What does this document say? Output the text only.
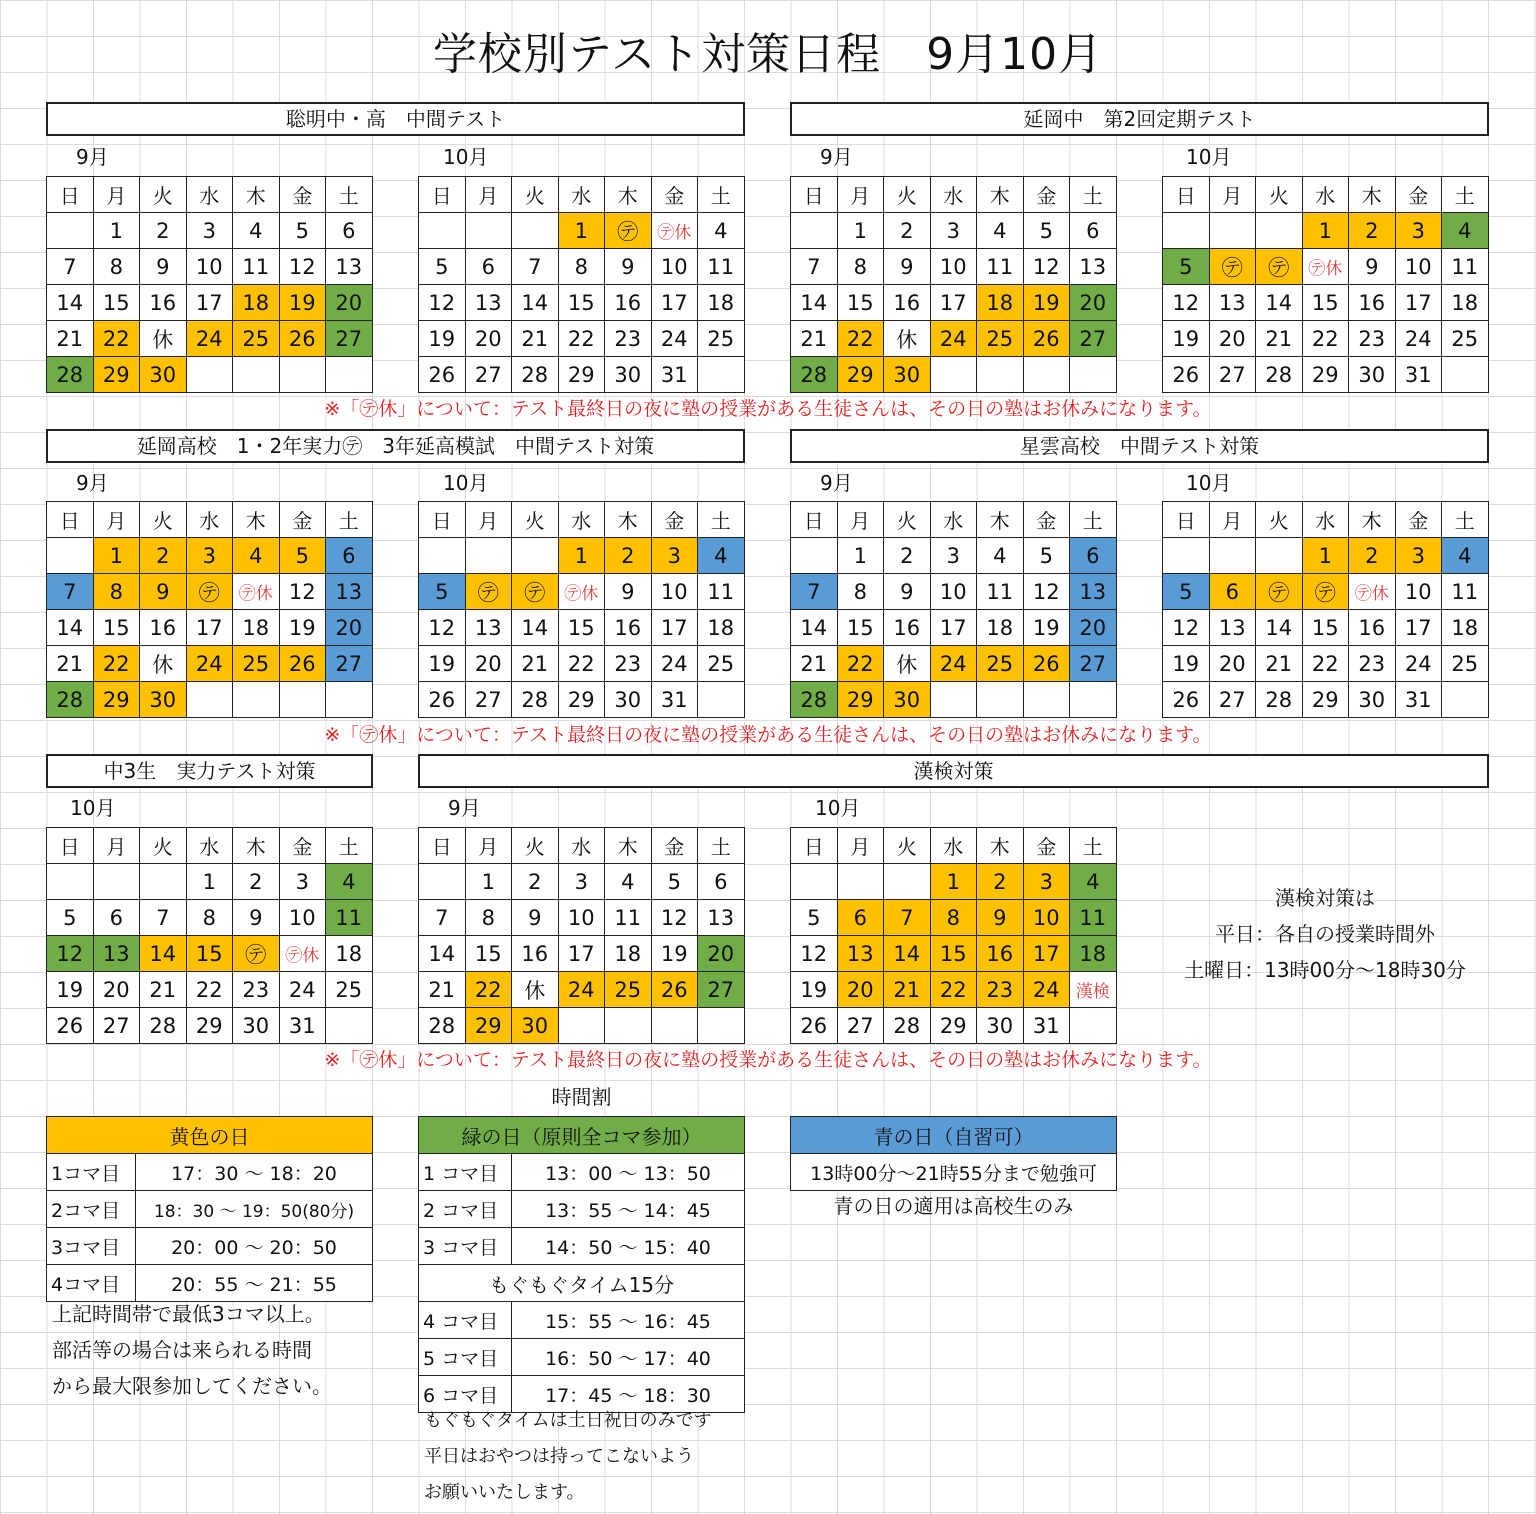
学校別テスト対策日程　9月10月
聡明中・高　中間テスト	延岡中　第2回定期テスト
延岡高校　1・2年実力㋢　3年延高模試　中間テスト対策	星雲高校　中間テスト対策
中3生　実力テスト対策	漢検対策
9月	10月	9月	10月
9月	10月	9月	10月
10月	9月	10月
日	月	火	水	木	金	土
	1	2	3	4	5	6
7	8	9	10	11	12	13
14	15	16	17	18	19	20
21	22	休	24	25	26	27
28	29	30				
日	月	火	水	木	金	土
			1	㋢	㋢休	4
5	6	7	8	9	10	11
12	13	14	15	16	17	18
19	20	21	22	23	24	25
26	27	28	29	30	31	
日	月	火	水	木	金	土
	1	2	3	4	5	6
7	8	9	10	11	12	13
14	15	16	17	18	19	20
21	22	休	24	25	26	27
28	29	30				
日	月	火	水	木	金	土
			1	2	3	4
5	㋢	㋢	㋢休	9	10	11
12	13	14	15	16	17	18
19	20	21	22	23	24	25
26	27	28	29	30	31	
日	月	火	水	木	金	土
	1	2	3	4	5	6
7	8	9	㋢	㋢休	12	13
14	15	16	17	18	19	20
21	22	休	24	25	26	27
28	29	30				
日	月	火	水	木	金	土
			1	2	3	4
5	㋢	㋢	㋢休	9	10	11
12	13	14	15	16	17	18
19	20	21	22	23	24	25
26	27	28	29	30	31	
日	月	火	水	木	金	土
	1	2	3	4	5	6
7	8	9	10	11	12	13
14	15	16	17	18	19	20
21	22	休	24	25	26	27
28	29	30				
日	月	火	水	木	金	土
			1	2	3	4
5	6	㋢	㋢	㋢休	10	11
12	13	14	15	16	17	18
19	20	21	22	23	24	25
26	27	28	29	30	31	
日	月	火	水	木	金	土
			1	2	3	4
5	6	7	8	9	10	11
12	13	14	15	㋢	㋢休	18
19	20	21	22	23	24	25
26	27	28	29	30	31	
日	月	火	水	木	金	土
	1	2	3	4	5	6
7	8	9	10	11	12	13
14	15	16	17	18	19	20
21	22	休	24	25	26	27
28	29	30				
日	月	火	水	木	金	土
			1	2	3	4
5	6	7	8	9	10	11
12	13	14	15	16	17	18
19	20	21	22	23	24	漢検
26	27	28	29	30	31	
※「㋢休」について：テスト最終日の夜に塾の授業がある生徒さんは、その日の塾はお休みになります。
※「㋢休」について：テスト最終日の夜に塾の授業がある生徒さんは、その日の塾はお休みになります。
※「㋢休」について：テスト最終日の夜に塾の授業がある生徒さんは、その日の塾はお休みになります。
漢検対策は
平日：各自の授業時間外
土曜日：13時00分～18時30分
時間割
黄色の日	
1コマ目	17：30 ～ 18：20
2コマ目	18：30 ～ 19：50(80分)
3コマ目	20：00 ～ 20：50
4コマ目	20：55 ～ 21：55
上記時間帯で最低3コマ以上。
部活等の場合は来られる時間
から最大限参加してください。
緑の日（原則全コマ参加）	
1 コマ目	13：00 ～ 13：50
2 コマ目	13：55 ～ 14：45
3 コマ目	14：50 ～ 15：40
もぐもぐタイム15分	
4 コマ目	15：55 ～ 16：45
5 コマ目	16：50 ～ 17：40
6 コマ目	17：45 ～ 18：30
もぐもぐタイムは土日祝日のみです
平日はおやつは持ってこないよう
お願いいたします。
青の日（自習可）
13時00分～21時55分まで勉強可
青の日の適用は高校生のみ
